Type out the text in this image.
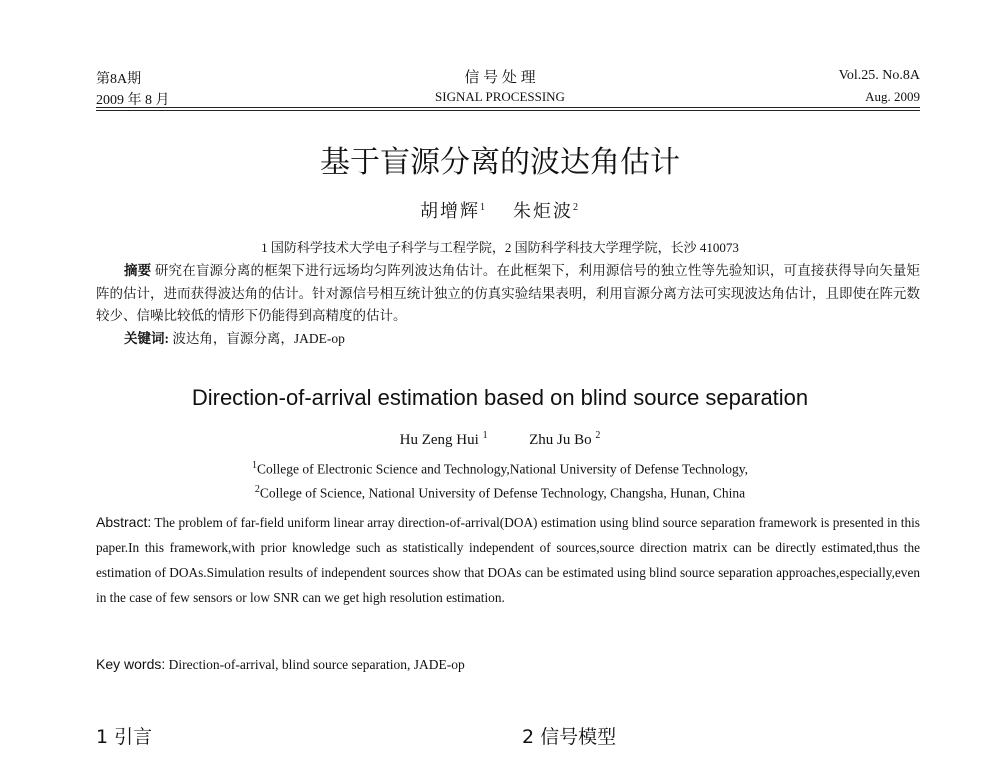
第8A期	信 号 处 理	Vol.25. No.8A
2009 年 8 月	SIGNAL PROCESSING	Aug. 2009
基于盲源分离的波达角估计
胡增辉$^1$ 朱炬波$^2$
1 国防科学技术大学电子科学与工程学院，2 国防科学科技大学理学院，长沙 410073
摘要 研究在盲源分离的框架下进行远场均匀阵列波达角估计。在此框架下，利用源信号的独立性等先验知识，可直接获得导向矢量矩阵的估计，进而获得波达角的估计。针对源信号相互统计独立的仿真实验结果表明，利用盲源分离方法可实现波达角估计，且即使在阵元数较少、信噪比较低的情形下仍能得到高精度的估计。
关键词: 波达角，盲源分离，JADE-op
Direction-of-arrival estimation based on blind source separation
Hu Zeng Hui $^1$	Zhu Ju Bo $^2$
$^1$College of Electronic Science and Technology,National University of Defense Technology,
$^2$College of Science, National University of Defense Technology, Changsha, Hunan, China
Abstract: The problem of far-field uniform linear array direction-of-arrival(DOA) estimation using blind source separation framework is presented in this paper.In this framework,with prior knowledge such as statistically independent of sources,source direction matrix can be directly estimated,thus the estimation of DOAs.Simulation results of independent sources show that DOAs can be estimated using blind source separation approaches,especially,even in the case of few sensors or low SNR can we get high resolution estimation.
Key words: Direction-of-arrival, blind source separation, JADE-op
1 引言	2 信号模型
